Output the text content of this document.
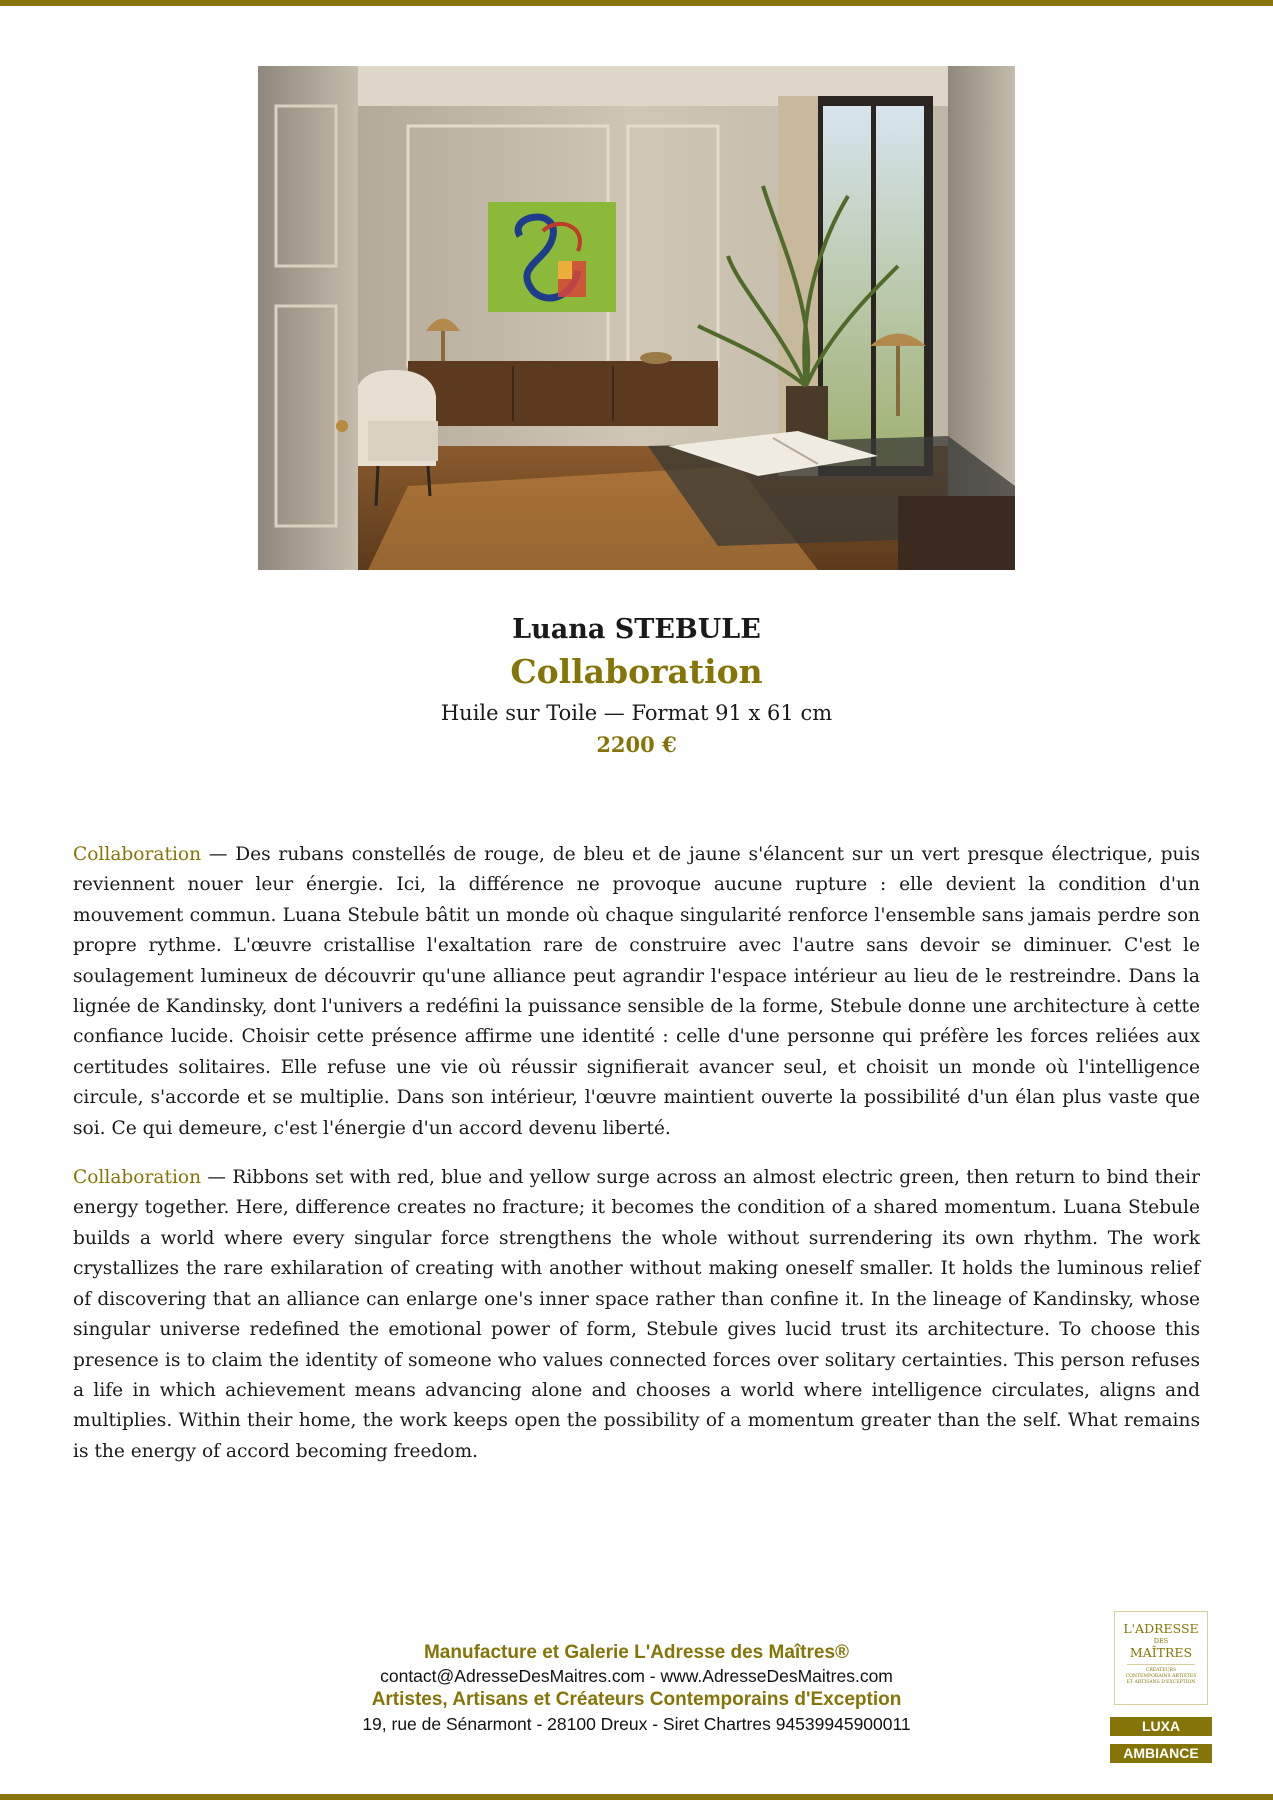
Luana STEBULE
Collaboration
Huile sur Toile — Format 91 x 61 cm
2200 €

Collaboration — Des rubans constellés de rouge, de bleu et de jaune s'élancent sur un vert presque électrique, puis reviennent nouer leur énergie. Ici, la différence ne provoque aucune rupture : elle devient la condition d'un mouvement commun. Luana Stebule bâtit un monde où chaque singularité renforce l'ensemble sans jamais perdre son propre rythme. L'œuvre cristallise l'exaltation rare de construire avec l'autre sans devoir se diminuer. C'est le soulagement lumineux de découvrir qu'une alliance peut agrandir l'espace intérieur au lieu de le restreindre. Dans la lignée de Kandinsky, dont l'univers a redéfini la puissance sensible de la forme, Stebule donne une architecture à cette confiance lucide. Choisir cette présence affirme une identité : celle d'une personne qui préfère les forces reliées aux certitudes solitaires. Elle refuse une vie où réussir signifierait avancer seul, et choisit un monde où l'intelligence circule, s'accorde et se multiplie. Dans son intérieur, l'œuvre maintient ouverte la possibilité d'un élan plus vaste que soi. Ce qui demeure, c'est l'énergie d'un accord devenu liberté.

Collaboration — Ribbons set with red, blue and yellow surge across an almost electric green, then return to bind their energy together. Here, difference creates no fracture; it becomes the condition of a shared momentum. Luana Stebule builds a world where every singular force strengthens the whole without surrendering its own rhythm. The work crystallizes the rare exhilaration of creating with another without making oneself smaller. It holds the luminous relief of discovering that an alliance can enlarge one's inner space rather than confine it. In the lineage of Kandinsky, whose singular universe redefined the emotional power of form, Stebule gives lucid trust its architecture. To choose this presence is to claim the identity of someone who values connected forces over solitary certainties. This person refuses a life in which achievement means advancing alone and chooses a world where intelligence circulates, aligns and multiplies. Within their home, the work keeps open the possibility of a momentum greater than the self. What remains is the energy of accord becoming freedom.

Manufacture et Galerie L'Adresse des Maîtres®
contact@AdresseDesMaitres.com - www.AdresseDesMaitres.com
Artistes, Artisans et Créateurs Contemporains d'Exception
19, rue de Sénarmont - 28100 Dreux - Siret Chartres 94539945900011
L'ADRESSE
DES
MAÎTRES
CRÉATEURS CONTEMPORAINS ARTISTES ET ARTISANS D'EXCEPTION
LUXA
AMBIANCE
